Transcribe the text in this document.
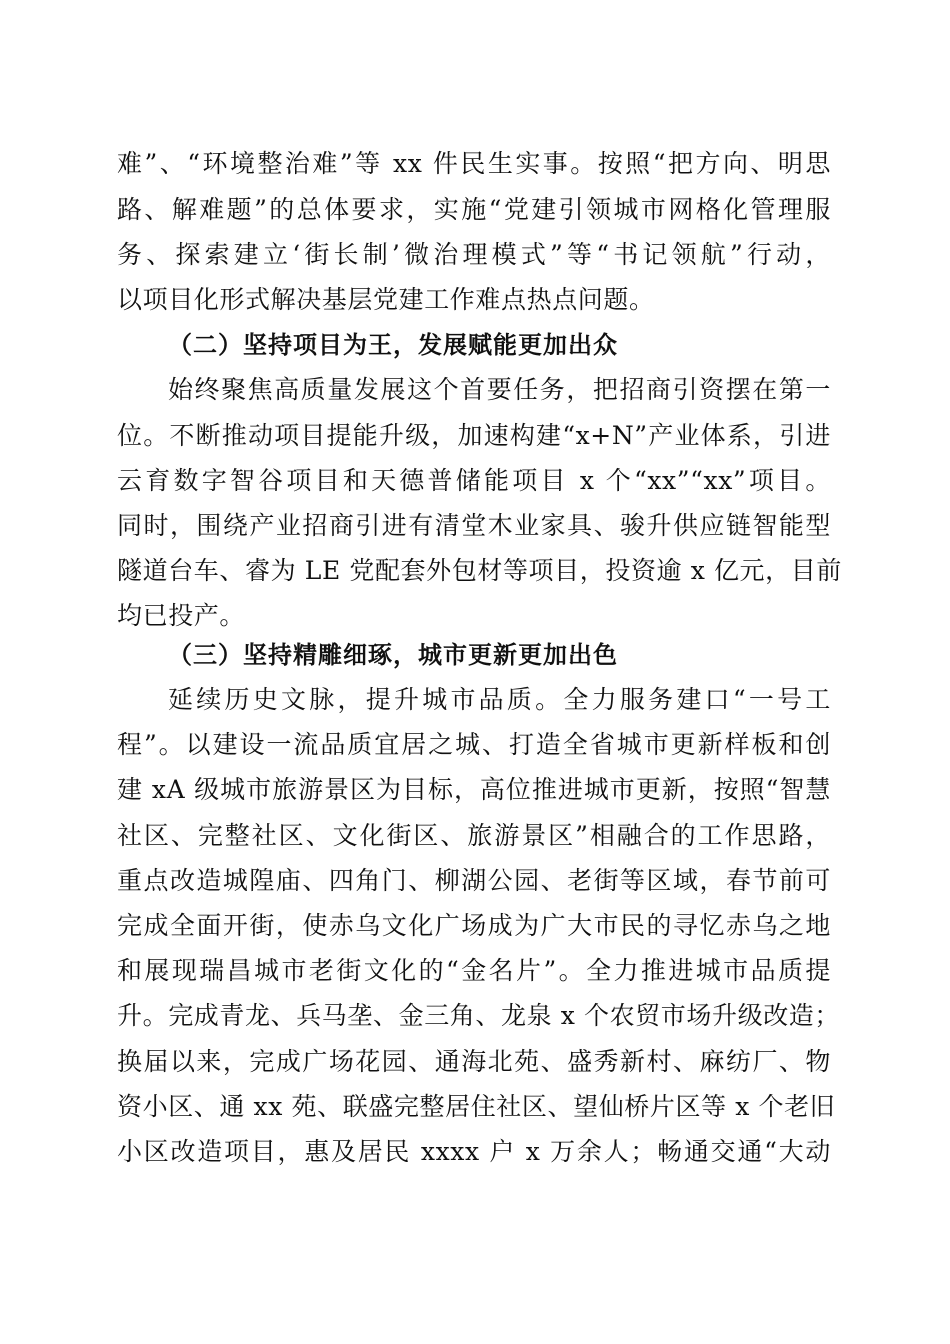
难”、“环境整治难”等 xx 件民生实事。按照“把方向、明思
路、解难题”的总体要求，实施“党建引领城市网格化管理服
务、探索建立‘街长制’微治理模式”等“书记领航”行动，
以项目化形式解决基层党建工作难点热点问题。
（二）坚持项目为王，发展赋能更加出众
始终聚焦高质量发展这个首要任务，把招商引资摆在第一
位。不断推动项目提能升级，加速构建“x+N”产业体系，引进
云育数字智谷项目和天德普储能项目 x 个“xx”“xx”项目。
同时，围绕产业招商引进有清堂木业家具、骏升供应链智能型
隧道台车、睿为 LE 党配套外包材等项目，投资逾 x 亿元，目前
均已投产。
（三）坚持精雕细琢，城市更新更加出色
延续历史文脉，提升城市品质。全力服务建口“一号工
程”。以建设一流品质宜居之城、打造全省城市更新样板和创
建 xA 级城市旅游景区为目标，高位推进城市更新，按照“智慧
社区、完整社区、文化街区、旅游景区”相融合的工作思路，
重点改造城隍庙、四角门、柳湖公园、老街等区域，春节前可
完成全面开街，使赤乌文化广场成为广大市民的寻忆赤乌之地
和展现瑞昌城市老街文化的“金名片”。全力推进城市品质提
升。完成青龙、兵马垄、金三角、龙泉 x 个农贸市场升级改造；
换届以来，完成广场花园、通海北苑、盛秀新村、麻纺厂、物
资小区、通 xx 苑、联盛完整居住社区、望仙桥片区等 x 个老旧
小区改造项目，惠及居民 xxxx 户 x 万余人；畅通交通“大动
